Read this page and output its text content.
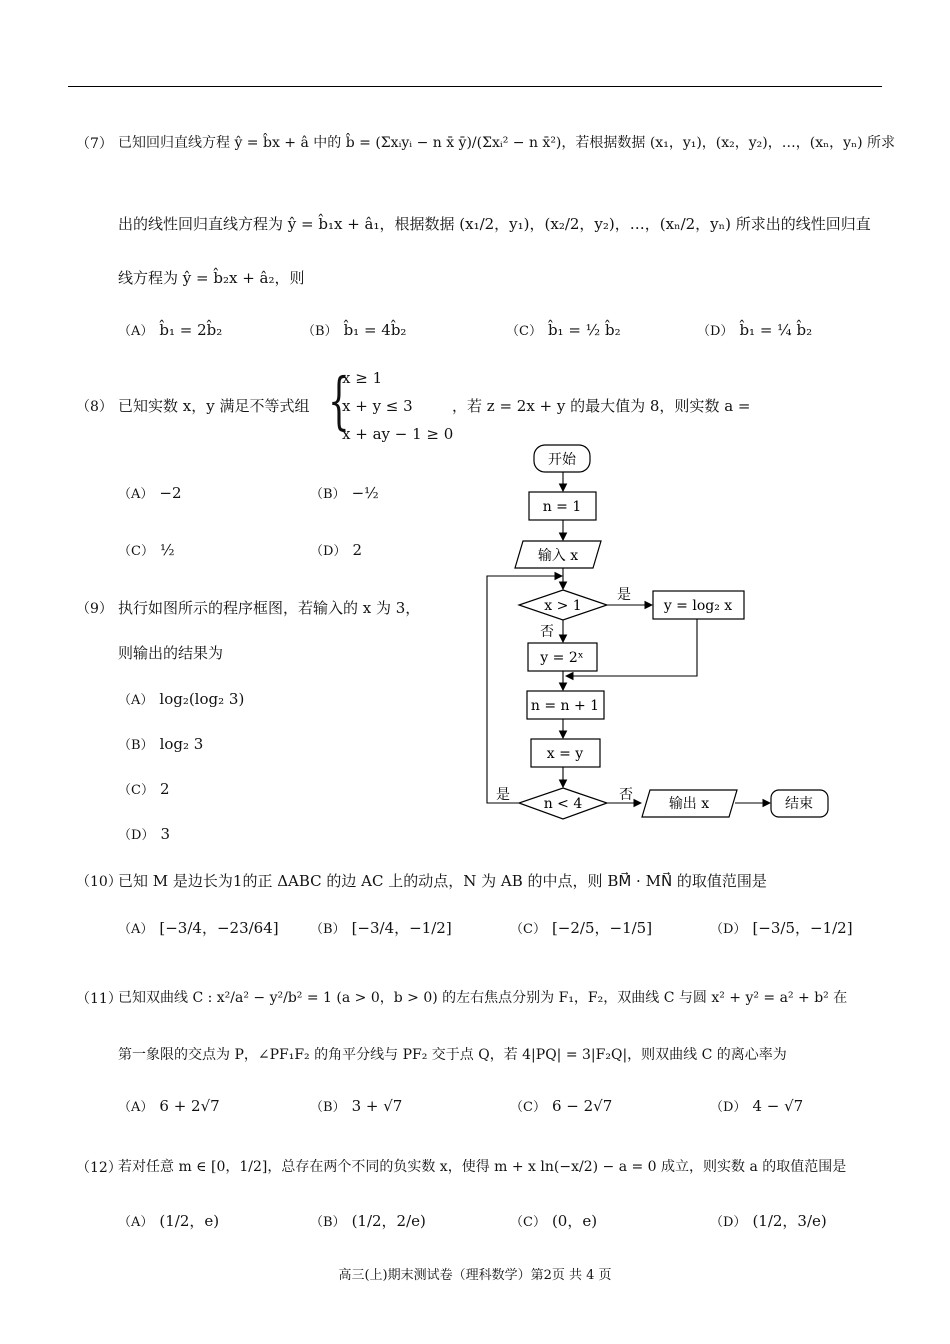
（7） 已知回归直线方程 ŷ = b̂x + â 中的 b̂ = (Σxᵢyᵢ − n x̄ ȳ)/(Σxᵢ² − n x̄²)，若根据数据 (x₁，y₁)，(x₂，y₂)，…，(xₙ，yₙ) 所求
出的线性回归直线方程为 ŷ = b̂₁x + â₁，根据数据 (x₁/2，y₁)，(x₂/2，y₂)，…，(xₙ/2，yₙ) 所求出的线性回归直
线方程为 ŷ = b̂₂x + â₂，则
（A） b̂₁ = 2b̂₂	（B） b̂₁ = 4b̂₂	（C） b̂₁ = ½ b̂₂	（D） b̂₁ = ¼ b̂₂
（8） 已知实数 x，y 满足不等式组 {
x ≥ 1
x + y ≤ 3
x + ay − 1 ≥ 0
，若 z = 2x + y 的最大值为 8，则实数 a =
（A） −2	（B） −½
（C） ½	（D） 2
（9） 执行如图所示的程序框图，若输入的 x 为 3，
则输出的结果为
（A） log₂(log₂ 3)
（B） log₂ 3
（C） 2
（D） 3
开始
n = 1
输入 x
x > 1
是
否
y = log₂ x
y = 2ˣ
n = n + 1
x = y
n < 4
是	否
输出 x	结束
（10）
已知 M 是边长为1的正 ΔABC 的边 AC 上的动点，N 为 AB 的中点，则 BM⃗ · MN⃗ 的取值范围是
（A） [−3/4，−23/64] （B） [−3/4，−1/2]	（C） [−2/5，−1/5]	（D） [−3/5，−1/2]
（11）
已知双曲线 C : x²/a² − y²/b² = 1 (a > 0，b > 0) 的左右焦点分别为 F₁，F₂，双曲线 C 与圆 x² + y² = a² + b² 在
第一象限的交点为 P，∠PF₁F₂ 的角平分线与 PF₂ 交于点 Q，若 4|PQ| = 3|F₂Q|，则双曲线 C 的离心率为
（A） 6 + 2√7	（B） 3 + √7	（C） 6 − 2√7	（D） 4 − √7
（12）
若对任意 m ∈ [0，1/2]，总存在两个不同的负实数 x，使得 m + x ln(−x/2) − a = 0 成立，则实数 a 的取值范围是
（A） (1/2，e)	（B） (1/2，2/e)	（C） (0，e)	（D） (1/2，3/e)
高三(上)期末测试卷（理科数学）第2页 共 4 页
